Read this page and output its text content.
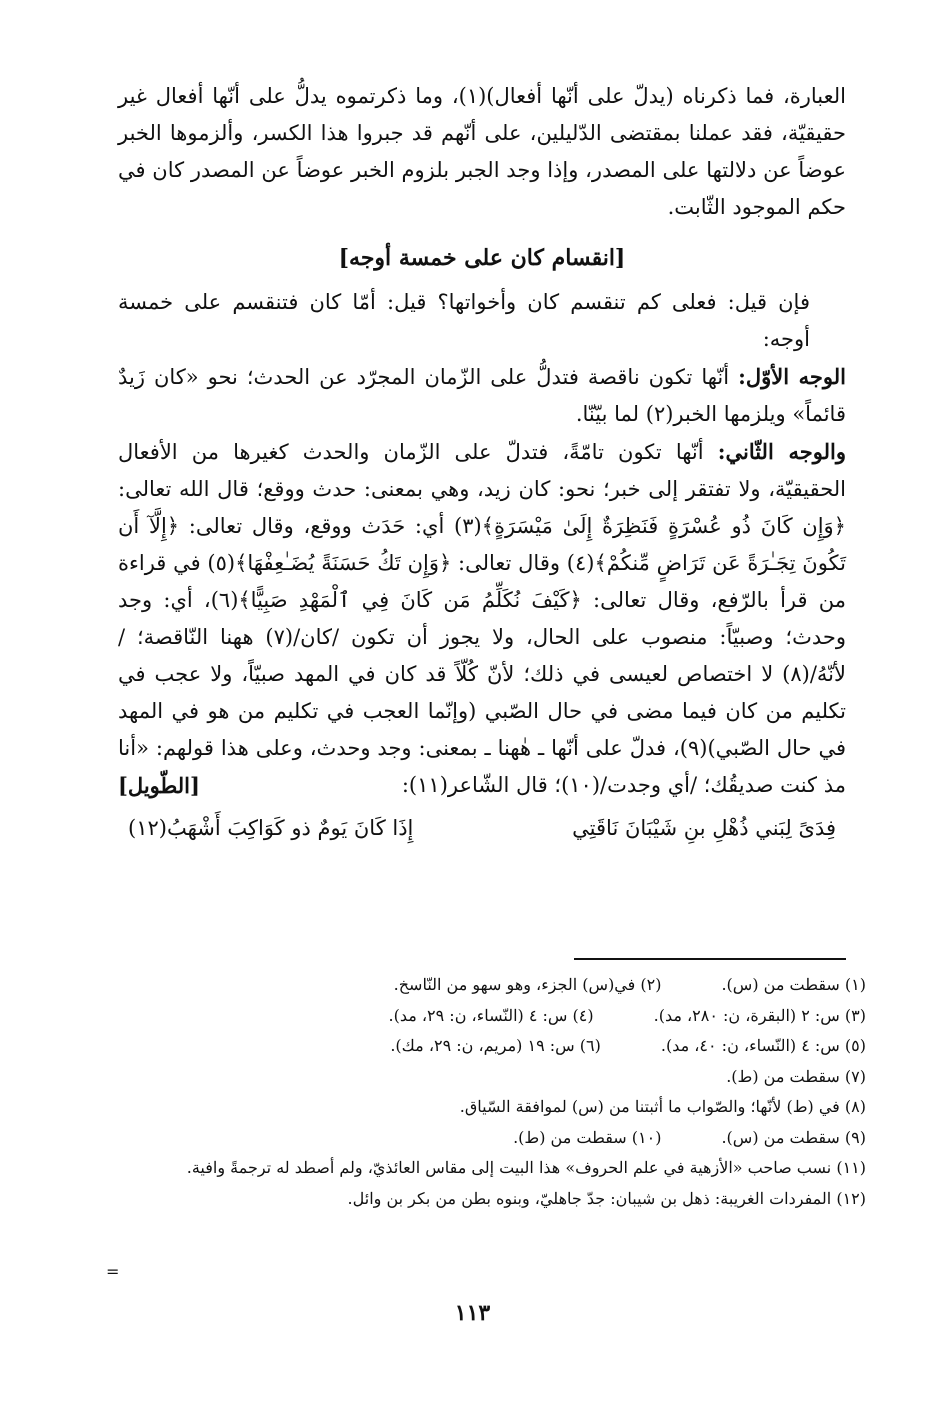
العبارة، فما ذكرناه (يدلّ على أنّها أفعال)(١)، وما ذكرتموه يدلُّ على أنّها أفعال غير حقيقيّة، فقد عملنا بمقتضى الدّليلين، على أنّهم قد جبروا هذا الكسر، وألزموها الخبر عوضاً عن دلالتها على المصدر، وإذا وجد الجبر بلزوم الخبر عوضاً عن المصدر كان في حكم الموجود الثّابت.

[انقسام كان على خمسة أوجه]

فإن قيل: فعلى كم تنقسم كان وأخواتها؟ قيل: أمّا كان فتنقسم على خمسة أوجه:

الوجه الأوّل: أنّها تكون ناقصة فتدلُّ على الزّمان المجرّد عن الحدث؛ نحو «كان زَيدٌ قائماً» ويلزمها الخبر(٢) لما بيّنّا.

والوجه الثّاني: أنّها تكون تامّةً، فتدلّ على الزّمان والحدث كغيرها من الأفعال الحقيقيّة، ولا تفتقر إلى خبر؛ نحو: كان زيد، وهي بمعنى: حدث ووقع؛ قال الله تعالى: ﴿وَإِن كَانَ ذُو عُسْرَةٍ فَنَظِرَةٌ إِلَىٰ مَيْسَرَةٍ﴾(٣) أي: حَدَث ووقع، وقال تعالى: ﴿إِلَّآ أَن تَكُونَ تِجَـٰرَةً عَن تَرَاضٍ مِّنكُمْ﴾(٤) وقال تعالى: ﴿وَإِن تَكُ حَسَنَةً يُضَـٰعِفْهَا﴾(٥) في قراءة من قرأ بالرّفع، وقال تعالى: ﴿كَيْفَ نُكَلِّمُ مَن كَانَ فِي ٱلْمَهْدِ صَبِيًّا﴾(٦)، أي: وجد وحدث؛ وصبيّاً: منصوب على الحال، ولا يجوز أن تكون /كان/(٧) ههنا النّاقصة؛ /لأنّهُ/(٨) لا اختصاص لعيسى في ذلك؛ لأنّ كُلّاً قد كان في المهد صبيّاً، ولا عجب في تكليم من كان فيما مضى في حال الصّبي (وإنّما العجب في تكليم من هو في المهد في حال الصّبي)(٩)، فدلّ على أنّها ـ هٰهنا ـ بمعنى: وجد وحدث، وعلى هذا قولهم: «أنا مذ كنت صديقُك؛ /أي وجدت/(١٠)؛ قال الشّاعر(١١):
[الطّويل]

فِدَىً لِبَني ذُهْلِ بنِ شَيْبَانَ نَاقَتِي
إِذَا كَانَ يَومٌ ذو كَوَاكِبَ أَشْهَبُ(١٢)
(١) سقطت من (س).
(٢) في(س) الجزء، وهو سهو من النّاسخ.
(٣) س: ٢ (البقرة، ن: ٢٨٠، مد).
(٤) س: ٤ (النّساء، ن: ٢٩، مد).
(٥) س: ٤ (النّساء، ن: ٤٠، مد).
(٦) س: ١٩ (مريم، ن: ٢٩، مك).
(٧) سقطت من (ط).
(٨) في (ط) لأنّها؛ والصّواب ما أثبتنا من (س) لموافقة السّياق.
(٩) سقطت من (س).
(١٠) سقطت من (ط).
(١١) نسب صاحب «الأزهية في علم الحروف» هذا البيت إلى مقاس العائذيّ، ولم أصطد له ترجمةً وافية.
(١٢) المفردات الغريبة: ذهل بن شيبان: جدّ جاهليّ، وبنوه بطن من بكر بن وائل.
=
١١٣
